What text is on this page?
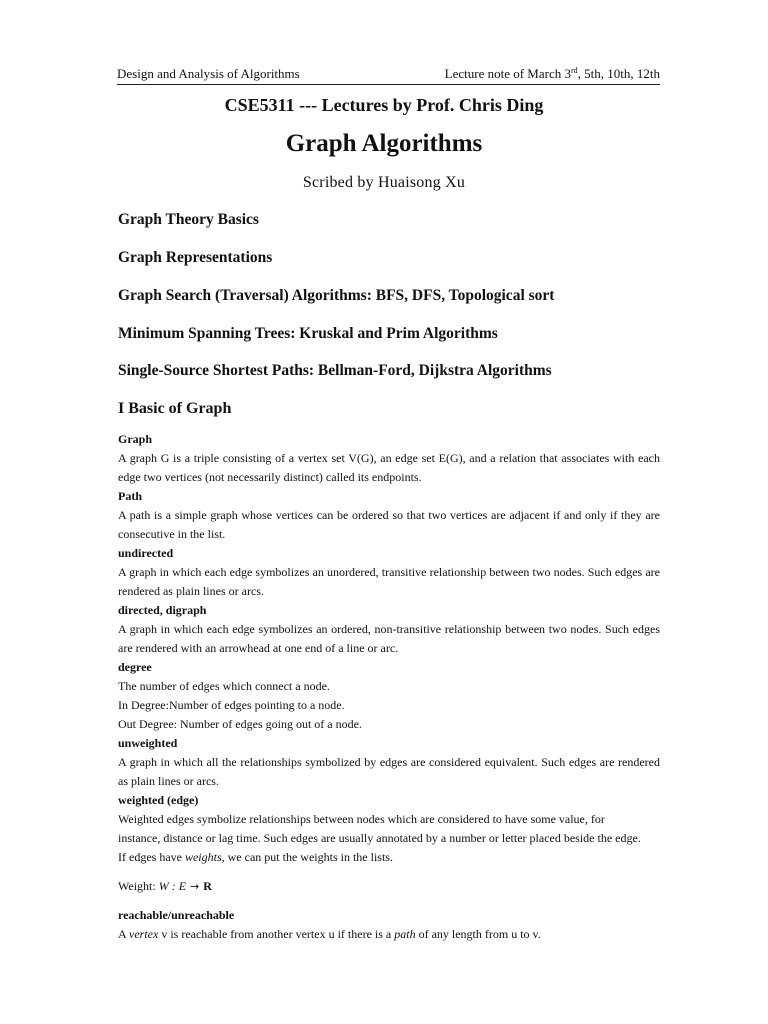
Design and Analysis of Algorithms	Lecture note of March 3rd, 5th, 10th, 12th
CSE5311 --- Lectures by Prof. Chris Ding
Graph Algorithms
Scribed by Huaisong Xu
Graph Theory Basics
Graph Representations
Graph Search (Traversal) Algorithms: BFS, DFS, Topological sort
Minimum Spanning Trees: Kruskal and Prim Algorithms
Single-Source Shortest Paths: Bellman-Ford, Dijkstra Algorithms
I Basic of Graph
Graph
A graph G is a triple consisting of a vertex set V(G), an edge set E(G), and a relation that associates with each edge two vertices (not necessarily distinct) called its endpoints.
Path
A path is a simple graph whose vertices can be ordered so that two vertices are adjacent if and only if they are consecutive in the list.
undirected
A graph in which each edge symbolizes an unordered, transitive relationship between two nodes. Such edges are rendered as plain lines or arcs.
directed, digraph
A graph in which each edge symbolizes an ordered, non-transitive relationship between two nodes. Such edges are rendered with an arrowhead at one end of a line or arc.
degree
The number of edges which connect a node.
In Degree:Number of edges pointing to a node.
Out Degree: Number of edges going out of a node.
unweighted
A graph in which all the relationships symbolized by edges are considered equivalent. Such edges are rendered as plain lines or arcs.
weighted (edge)
Weighted edges symbolize relationships between nodes which are considered to have some value, for
instance, distance or lag time. Such edges are usually annotated by a number or letter placed beside the edge.
If edges have weights, we can put the weights in the lists.
Weight: W : E → R
reachable/unreachable
A vertex v is reachable from another vertex u if there is a path of any length from u to v.
